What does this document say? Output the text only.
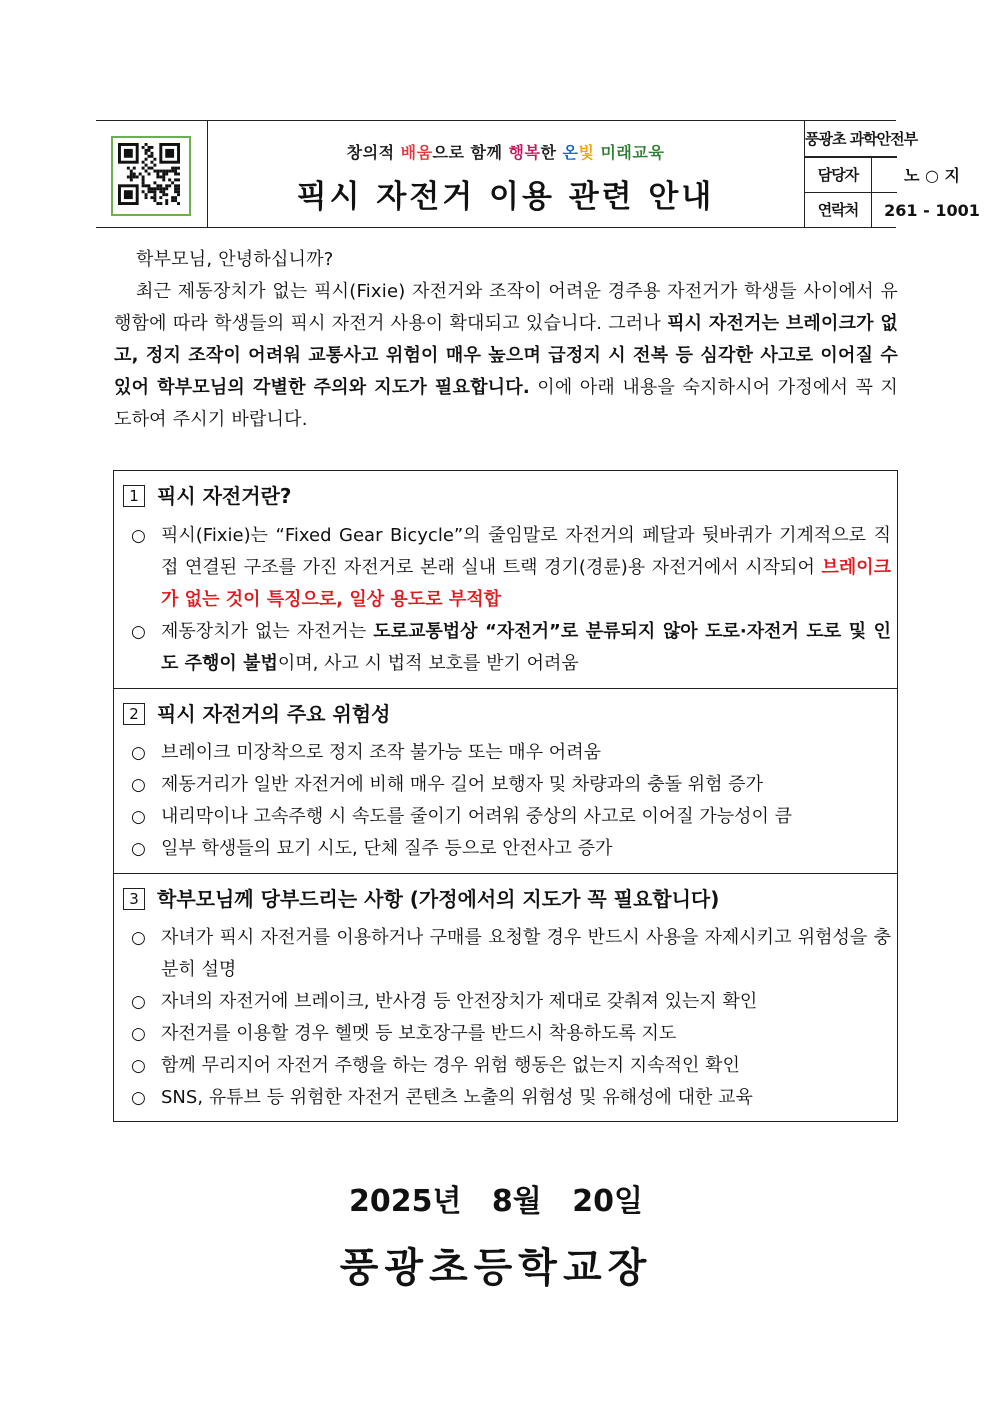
창의적 배움으로 함께 행복한 온빛 미래교육
픽시 자전거 이용 관련 안내
풍광초 과학안전부
담당자	노 ○ 지
연락처	261 - 1001

학부모님, 안녕하십니까?

최근 제동장치가 없는 픽시(Fixie) 자전거와 조작이 어려운 경주용 자전거가 학생들 사이에서 유행함에 따라 학생들의 픽시 자전거 사용이 확대되고 있습니다. 그러나 픽시 자전거는 브레이크가 없고, 정지 조작이 어려워 교통사고 위험이 매우 높으며 급정지 시 전복 등 심각한 사고로 이어질 수 있어 학부모님의 각별한 주의와 지도가 필요합니다. 이에 아래 내용을 숙지하시어 가정에서 꼭 지도하여 주시기 바랍니다.

1 픽시 자전거란?
○ 픽시(Fixie)는 “Fixed Gear Bicycle”의 줄임말로 자전거의 페달과 뒷바퀴가 기계적으로 직접 연결된 구조를 가진 자전거로 본래 실내 트랙 경기(경륜)용 자전거에서 시작되어 브레이크가 없는 것이 특징으로, 일상 용도로 부적합
○ 제동장치가 없는 자전거는 도로교통법상 “자전거”로 분류되지 않아 도로·자전거 도로 및 인도 주행이 불법이며, 사고 시 법적 보호를 받기 어려움
2 픽시 자전거의 주요 위험성
○ 브레이크 미장착으로 정지 조작 불가능 또는 매우 어려움
○ 제동거리가 일반 자전거에 비해 매우 길어 보행자 및 차량과의 충돌 위험 증가
○ 내리막이나 고속주행 시 속도를 줄이기 어려워 중상의 사고로 이어질 가능성이 큼
○ 일부 학생들의 묘기 시도, 단체 질주 등으로 안전사고 증가
3 학부모님께 당부드리는 사항 (가정에서의 지도가 꼭 필요합니다)
○ 자녀가 픽시 자전거를 이용하거나 구매를 요청할 경우 반드시 사용을 자제시키고 위험성을 충분히 설명
○ 자녀의 자전거에 브레이크, 반사경 등 안전장치가 제대로 갖춰져 있는지 확인
○ 자전거를 이용할 경우 헬멧 등 보호장구를 반드시 착용하도록 지도
○ 함께 무리지어 자전거 주행을 하는 경우 위험 행동은 없는지 지속적인 확인
○ SNS, 유튜브 등 위험한 자전거 콘텐츠 노출의 위험성 및 유해성에 대한 교육
2025년 8월 20일
풍광초등학교장
